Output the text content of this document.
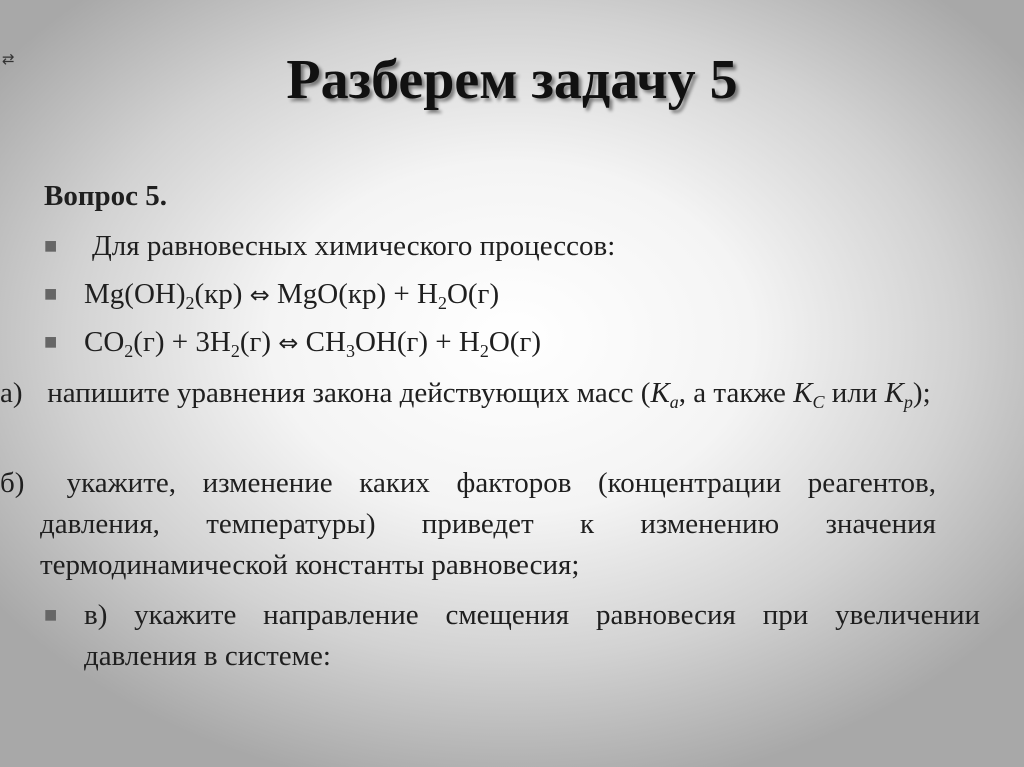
⇄	Разберем задачу 5
Вопрос 5.
■ Для равновесных химического процессов:
■ $Mg(OH)_2(кр)$ ⇔ $MgO(кр) + H_2O(г)$
■ $CO_2(г) + 3H_2(г)$ ⇔ $CH_3OH(г) + H_2O(г)$
а) напишите уравнения закона действующих масс ($K_a$, а также $K_C$ или $K_p$);
б) укажите, изменение каких факторов (концентрации реагентов, давления, температуры) приведет к изменению значения термодинамической константы равновесия;
■ в) укажите направление смещения равновесия при увеличении давления в системе:
